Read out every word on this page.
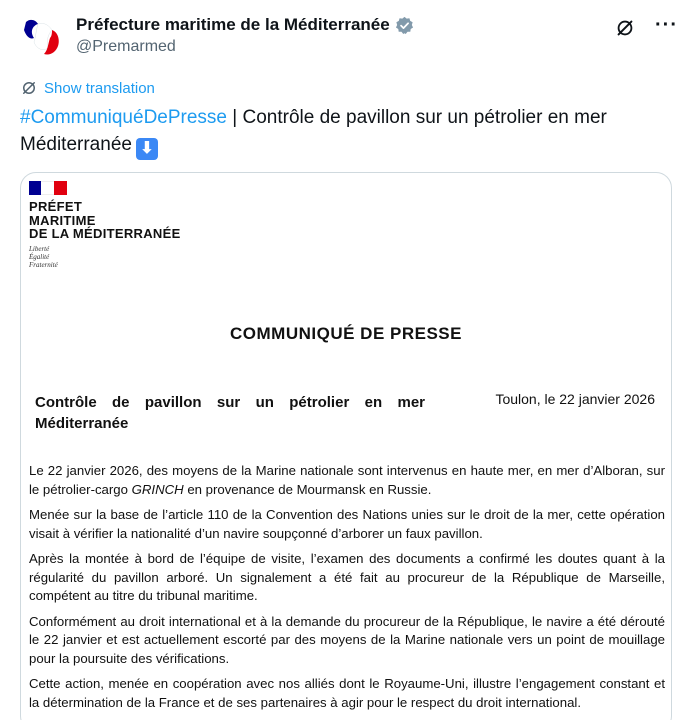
Préfecture maritime de la Méditerranée
@Premarmed
···
Show translation
#CommuniquéDePresse | Contrôle de pavillon sur un pétrolier en mer Méditerranée ⬇
PRÉFET
MARITIME
DE LA MÉDITERRANÉE
Liberté
Égalité
Fraternité
COMMUNIQUÉ DE PRESSE
Contrôle de pavillon sur un pétrolier en mer Méditerranée
Toulon, le 22 janvier 2026

Le 22 janvier 2026, des moyens de la Marine nationale sont intervenus en haute mer, en mer d’Alboran, sur le pétrolier-cargo GRINCH en provenance de Mourmansk en Russie.

Menée sur la base de l’article 110 de la Convention des Nations unies sur le droit de la mer, cette opération visait à vérifier la nationalité d’un navire soupçonné d’arborer un faux pavillon.

Après la montée à bord de l’équipe de visite, l’examen des documents a confirmé les doutes quant à la régularité du pavillon arboré. Un signalement a été fait au procureur de la République de Marseille, compétent au titre du tribunal maritime.

Conformément au droit international et à la demande du procureur de la République, le navire a été dérouté le 22 janvier et est actuellement escorté par des moyens de la Marine nationale vers un point de mouillage pour la poursuite des vérifications.

Cette action, menée en coopération avec nos alliés dont le Royaume-Uni, illustre l’engagement constant et la détermination de la France et de ses partenaires à agir pour le respect du droit international.
